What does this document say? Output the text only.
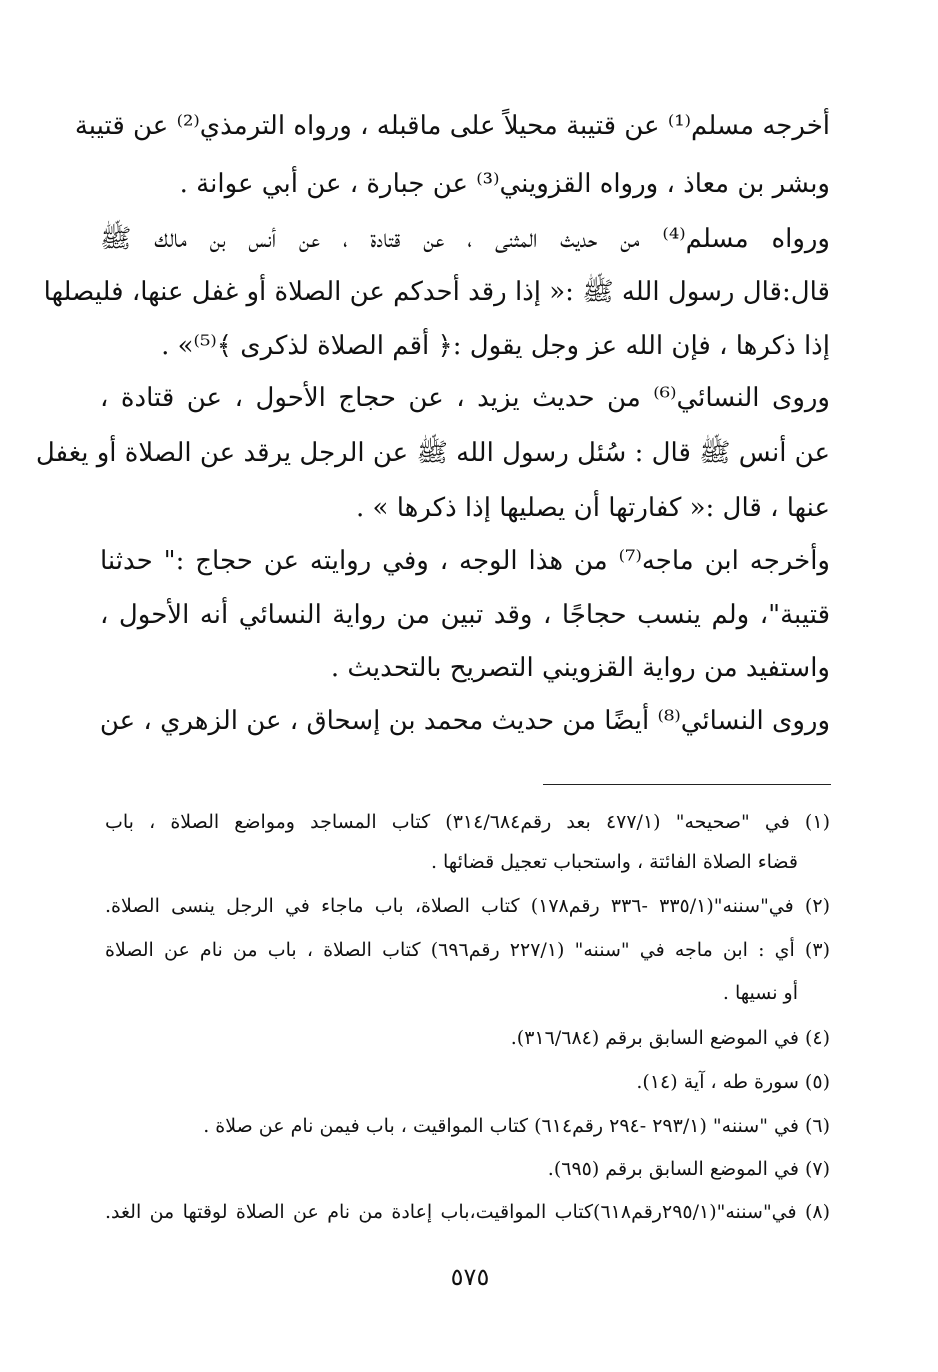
أخرجه مسلم⁽¹⁾ عن قتيبة محيلاً على ماقبله ، ورواه الترمذي⁽²⁾ عن قتيبة
وبشر بن معاذ ، ورواه القزويني⁽³⁾ عن جبارة ، عن أبي عوانة .
ورواه مسلم⁽⁴⁾ من حديث المثنى ، عن قتادة ، عن أنس بن مالك ﷺ
قال:قال رسول الله ﷺ :« إذا رقد أحدكم عن الصلاة أو غفل عنها، فليصلها
إذا ذكرها ، فإن الله عز وجل يقول :﴿ أقم الصلاة لذكرى ﴾⁽⁵⁾» .
وروى النسائي⁽⁶⁾ من حديث يزيد ، عن حجاج الأحول ، عن قتادة ،
عن أنس ﷺ قال : سُئل رسول الله ﷺ عن الرجل يرقد عن الصلاة أو يغفل
عنها ، قال :« كفارتها أن يصليها إذا ذكرها » .
وأخرجه ابن ماجه⁽⁷⁾ من هذا الوجه ، وفي روايته عن حجاج :" حدثنا
قتيبة"، ولم ينسب حجاجًا ، وقد تبين من رواية النسائي أنه الأحول ،
واستفيد من رواية القزويني التصريح بالتحديث .
وروى النسائي⁽⁸⁾ أيضًا من حديث محمد بن إسحاق ، عن الزهري ، عن
(١) في "صحيحه" (٤٧٧/١ بعد رقم٣١٤/٦٨٤) كتاب المساجد ومواضع الصلاة ، باب
قضاء الصلاة الفائتة ، واستحباب تعجيل قضائها .
(٢) في"سننه"(٣٣٥/١ -٣٣٦ رقم١٧٨) كتاب الصلاة، باب ماجاء في الرجل ينسى الصلاة.
(٣) أي : ابن ماجه في "سننه" (٢٢٧/١ رقم٦٩٦) كتاب الصلاة ، باب من نام عن الصلاة
أو نسيها .
(٤) في الموضع السابق برقم (٣١٦/٦٨٤).
(٥) سورة طه ، آية (١٤).
(٦) في "سننه" (٢٩٣/١ -٢٩٤ رقم٦١٤) كتاب المواقيت ، باب فيمن نام عن صلاة .
(٧) في الموضع السابق برقم (٦٩٥).
(٨) في"سننه"(٢٩٥/١رقم٦١٨)كتاب المواقيت،باب إعادة من نام عن الصلاة لوقتها من الغد.
٥٧٥
